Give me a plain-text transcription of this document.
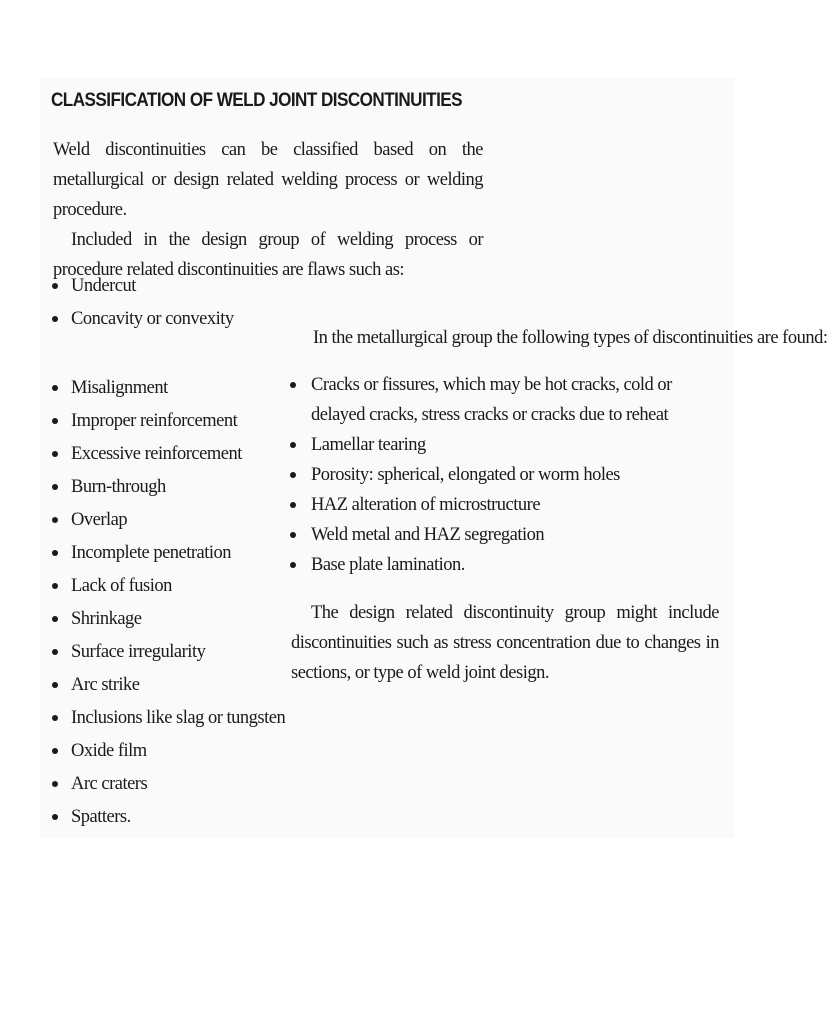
CLASSIFICATION OF WELD JOINT DISCONTINUITIES
Weld discontinuities can be classified based on the metallurgical or design related welding process or welding procedure.
Included in the design group of welding process or procedure related discontinuities are flaws such as:
Undercut
Concavity or convexity
Misalignment
Improper reinforcement
Excessive reinforcement
Burn-through
Overlap
Incomplete penetration
Lack of fusion
Shrinkage
Surface irregularity
Arc strike
Inclusions like slag or tungsten
Oxide film
Arc craters
Spatters.

In the metallurgical group the following types of discontinuities are found:

Cracks or fissures, which may be hot cracks, cold or delayed cracks, stress cracks or cracks due to reheat
Lamellar tearing
Porosity: spherical, elongated or worm holes
HAZ alteration of microstructure
Weld metal and HAZ segregation
Base plate lamination.

The design related discontinuity group might include discontinuities such as stress concentration due to changes in sections, or type of weld joint design.
